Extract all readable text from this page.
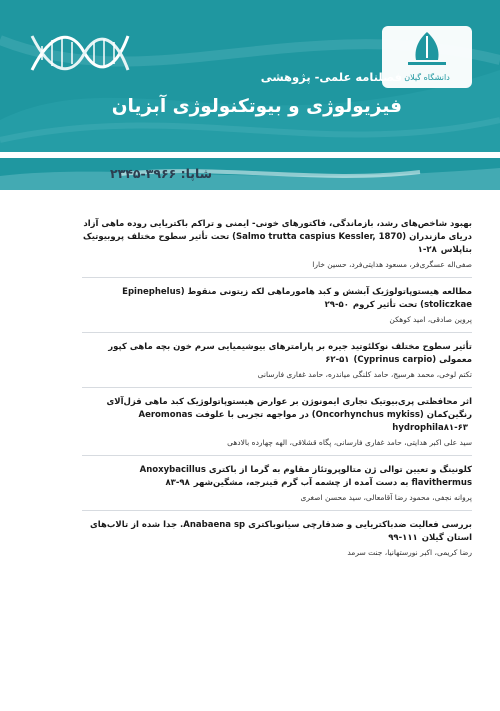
دانشگاه گیلان
فصلنامه علمی- پژوهشی
فیزیولوژی و بیوتکنولوژی آبزیان
شاپا: ۳۹۶۶-۲۳۴۵
بهبود شاخص‌های رشد، بازماندگی، فاکتورهای خونی- ایمنی و تراکم باکتریایی روده ماهی آزاد دریای مازندران (Salmo trutta caspius Kessler, 1870) تحت تأثیر سطوح مختلف پروبیوتیک بتاپلاس۲۸-۱
صفی‌اله عسگری‌فر، مسعود هدایتی‌فرد، حسین خارا
مطالعه هیستوپاتولوژیک آبشش و کبد هامورماهی لکه زیتونی منقوط (Epinephelus stoliczkae) تحت تأثیر کروم۵۰-۲۹
پروین صادقی، امید کوهکن
تأثیر سطوح مختلف نوکلئوتید جیره بر پارامترهای بیوشیمیایی سرم خون بچه ماهی کپور معمولی (Cyprinus carpio)۶۲-۵۱
تکتم لوخی، محمد هرسیج، حامد کلنگی میاندره، حامد غفاری فارسانی
اثر محافظتی پری‌بیوتیک تجاری ایمونوژن بر عوارض هیستوپاتولوژیک کبد ماهی قزل‌آلای رنگین‌کمان (Oncorhynchus mykiss) در مواجهه تجربی با علوفت Aeromonas hydrophila۸۱-۶۳
سید علی اکبر هدایتی، حامد غفاری فارسانی، پگاه قشلاقی، الهه چهارده بالادهی
کلونینگ و تعیین توالی ژن متالوپروتئاز مقاوم به گرما از باکتری Anoxybacillus flavithermus به دست آمده از چشمه آب گرم قینرجه، مشگین‌شهر۹۸-۸۳
پروانه نجفی، محمود رضا آقامعالی، سید محسن اصغری
بررسی فعالیت ضدباکتریایی و ضدقارچی سیانوباکتری Anabaena sp. جدا شده از تالاب‌های استان گیلان۱۱۱-۹۹
رضا کریمی، اکبر نورستهانیا، جنت سرمد
